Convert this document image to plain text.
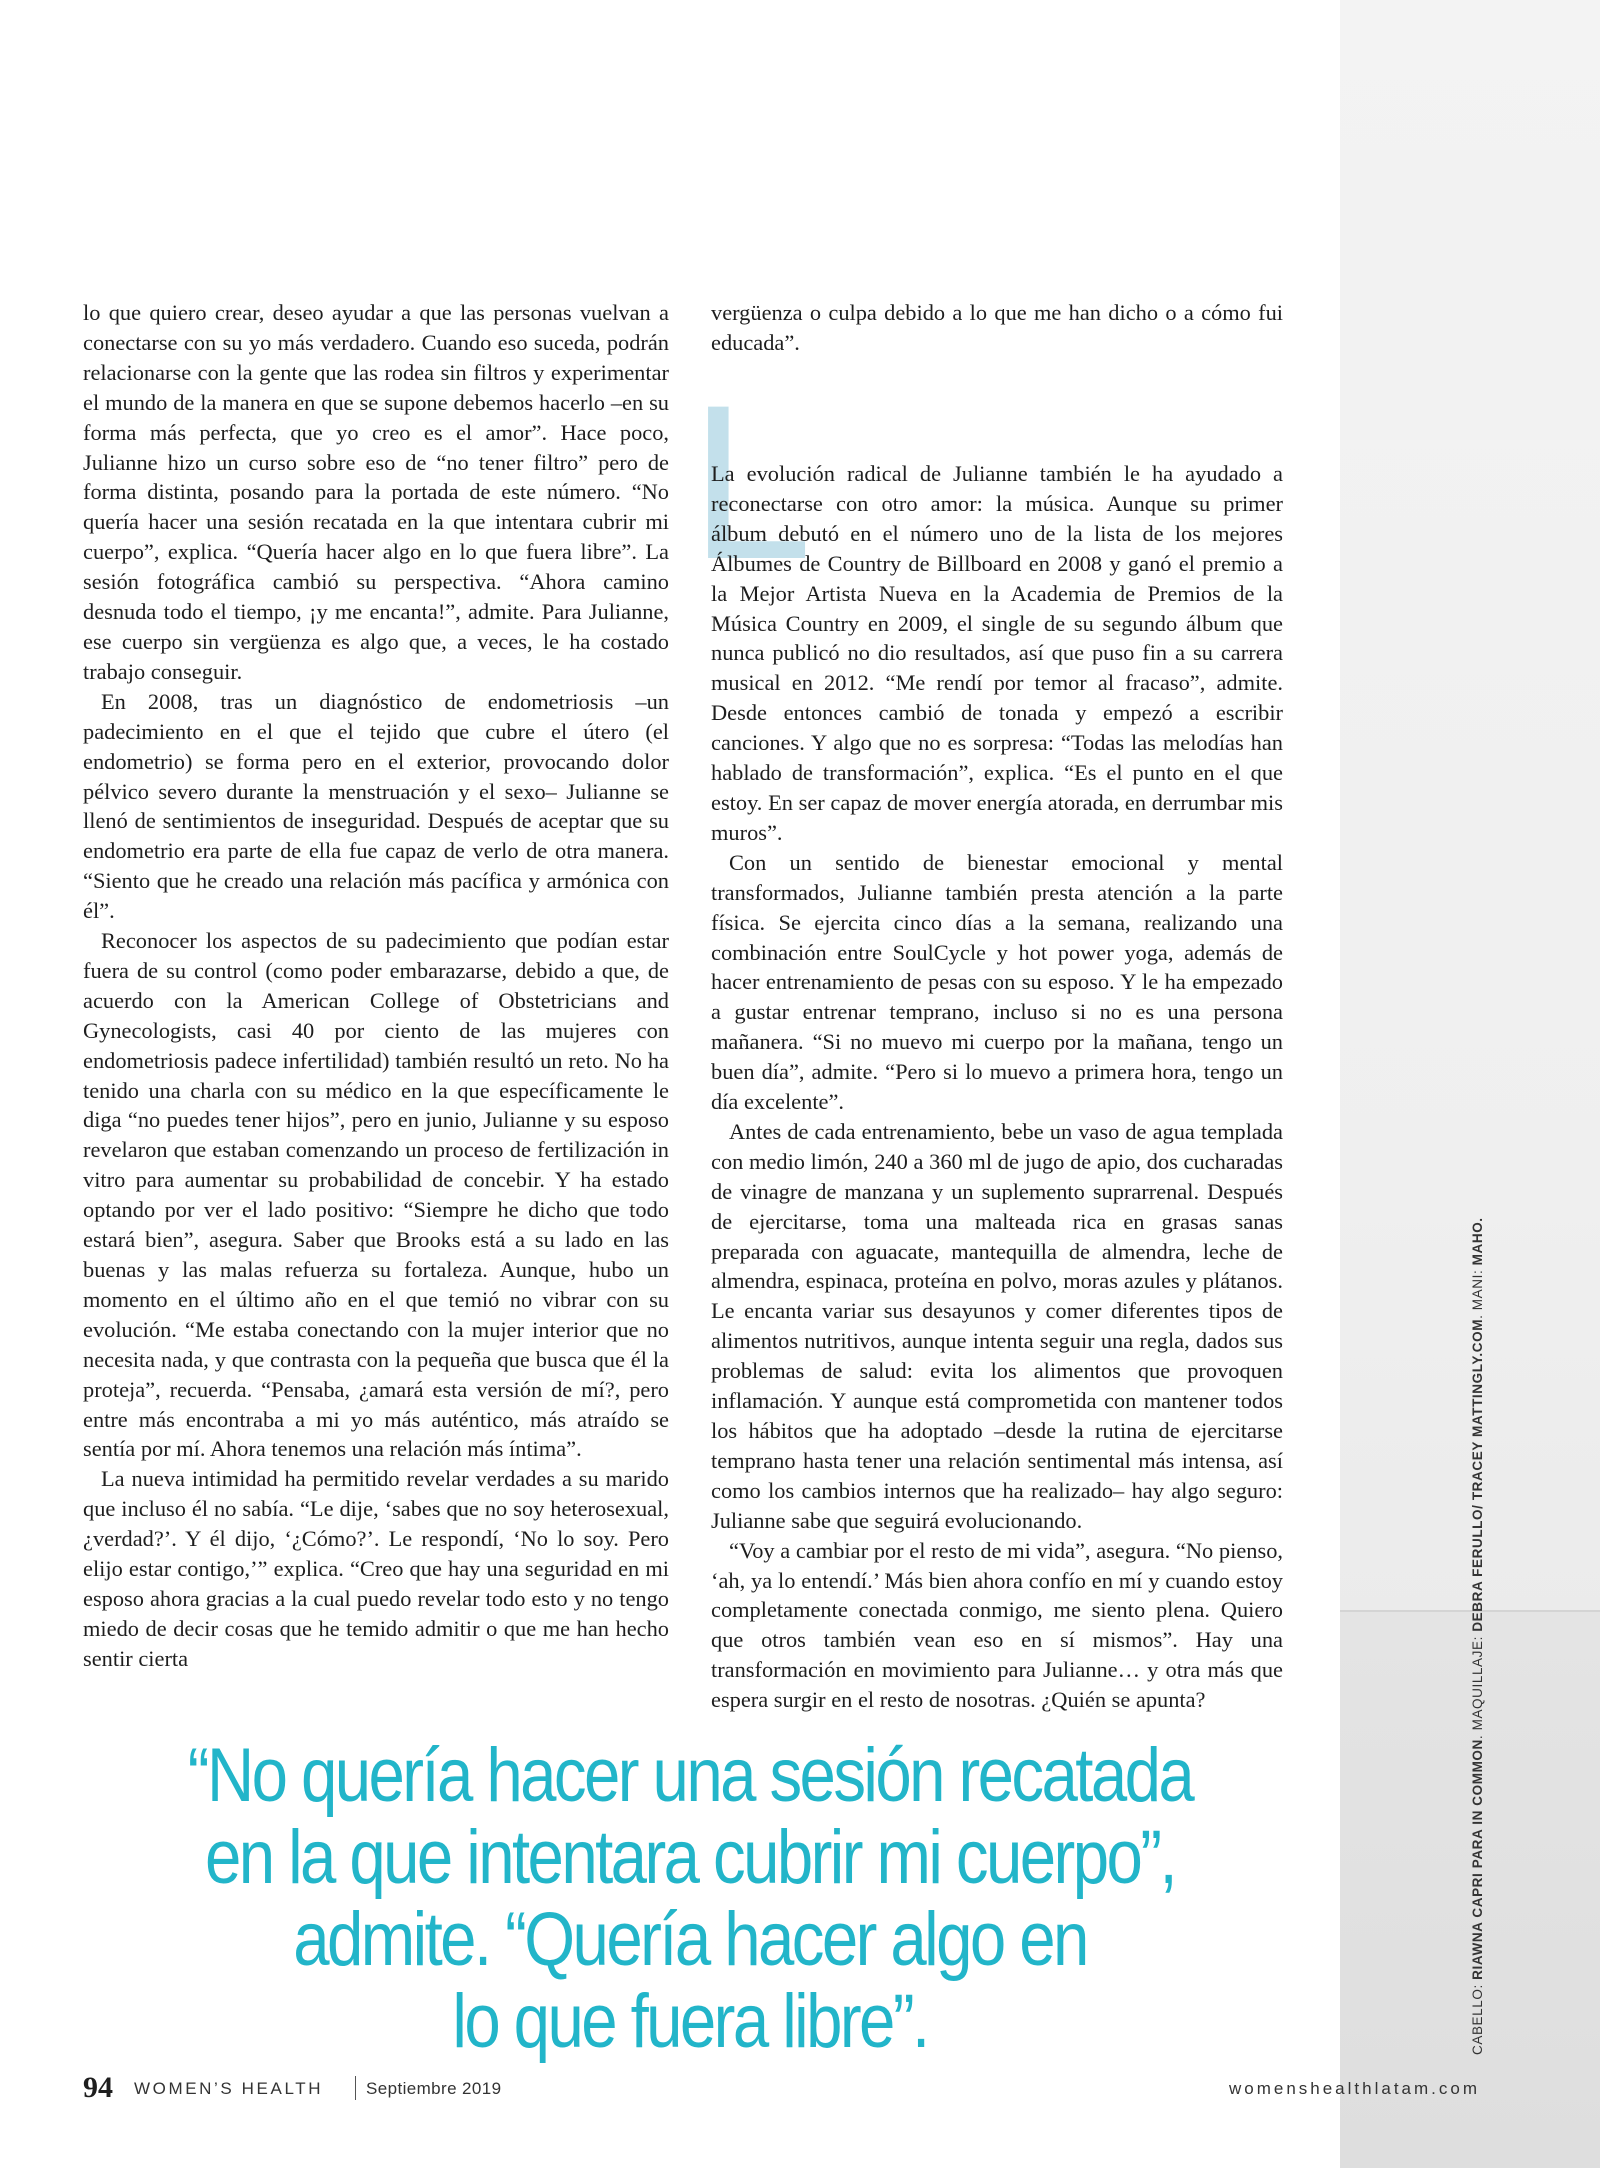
lo que quiero crear, deseo ayudar a que las personas vuelvan a conectarse con su yo más verdadero. Cuando eso suceda, podrán relacionarse con la gente que las rodea sin filtros y experimentar el mundo de la manera en que se supone debemos hacerlo –en su forma más perfecta, que yo creo es el amor”. Hace poco, Julianne hizo un curso sobre eso de “no tener filtro” pero de forma distinta, posando para la portada de este número. “No quería hacer una sesión recatada en la que intentara cubrir mi cuerpo”, explica. “Quería hacer algo en lo que fuera libre”. La sesión fotográfica cambió su perspectiva. “Ahora camino desnuda todo el tiempo, ¡y me encanta!”, admite. Para Julianne, ese cuerpo sin vergüenza es algo que, a veces, le ha costado trabajo conseguir.

En 2008, tras un diagnóstico de endometriosis –un padecimiento en el que el tejido que cubre el útero (el endometrio) se forma pero en el exterior, provocando dolor pélvico severo durante la menstruación y el sexo– Julianne se llenó de sentimientos de inseguridad. Después de aceptar que su endometrio era parte de ella fue capaz de verlo de otra manera. “Siento que he creado una relación más pacífica y armónica con él”.

Reconocer los aspectos de su padecimiento que podían estar fuera de su control (como poder embarazarse, debido a que, de acuerdo con la American College of Obstetricians and Gynecologists, casi 40 por ciento de las mujeres con endometriosis padece infertilidad) también resultó un reto. No ha tenido una charla con su médico en la que específicamente le diga “no puedes tener hijos”, pero en junio, Julianne y su esposo revelaron que estaban comenzando un proceso de fertilización in vitro para aumentar su probabilidad de concebir. Y ha estado optando por ver el lado positivo: “Siempre he dicho que todo estará bien”, asegura. Saber que Brooks está a su lado en las buenas y las malas refuerza su fortaleza. Aunque, hubo un momento en el último año en el que temió no vibrar con su evolución. “Me estaba conectando con la mujer interior que no necesita nada, y que contrasta con la pequeña que busca que él la proteja”, recuerda. “Pensaba, ¿amará esta versión de mí?, pero entre más encontraba a mi yo más auténtico, más atraído se sentía por mí. Ahora tenemos una relación más íntima”.

La nueva intimidad ha permitido revelar verdades a su marido que incluso él no sabía. “Le dije, ‘sabes que no soy heterosexual, ¿verdad?’. Y él dijo, ‘¿Cómo?’. Le respondí, ‘No lo soy. Pero elijo estar contigo,’” explica. “Creo que hay una seguridad en mi esposo ahora gracias a la cual puedo revelar todo esto y no tengo miedo de decir cosas que he temido admitir o que me han hecho sentir cierta

vergüenza o culpa debido a lo que me han dicho o a cómo fui educada”.

L

La evolución radical de Julianne también le ha ayudado a reconectarse con otro amor: la música. Aunque su primer álbum debutó en el número uno de la lista de los mejores Álbumes de Country de Billboard en 2008 y ganó el premio a la Mejor Artista Nueva en la Academia de Premios de la Música Country en 2009, el single de su segundo álbum que nunca publicó no dio resultados, así que puso fin a su carrera musical en 2012. “Me rendí por temor al fracaso”, admite. Desde entonces cambió de tonada y empezó a escribir canciones. Y algo que no es sorpresa: “Todas las melodías han hablado de transformación”, explica. “Es el punto en el que estoy. En ser capaz de mover energía atorada, en derrumbar mis muros”.

Con un sentido de bienestar emocional y mental transformados, Julianne también presta atención a la parte física. Se ejercita cinco días a la semana, realizando una combinación entre SoulCycle y hot power yoga, además de hacer entrenamiento de pesas con su esposo. Y le ha empezado a gustar entrenar temprano, incluso si no es una persona mañanera. “Si no muevo mi cuerpo por la mañana, tengo un buen día”, admite. “Pero si lo muevo a primera hora, tengo un día excelente”.

Antes de cada entrenamiento, bebe un vaso de agua templada con medio limón, 240 a 360 ml de jugo de apio, dos cucharadas de vinagre de manzana y un suplemento suprarrenal. Después de ejercitarse, toma una malteada rica en grasas sanas preparada con aguacate, mantequilla de almendra, leche de almendra, espinaca, proteína en polvo, moras azules y plátanos. Le encanta variar sus desayunos y comer diferentes tipos de alimentos nutritivos, aunque intenta seguir una regla, dados sus problemas de salud: evita los alimentos que provoquen inflamación. Y aunque está comprometida con mantener todos los hábitos que ha adoptado –desde la rutina de ejercitarse temprano hasta tener una relación sentimental más intensa, así como los cambios internos que ha realizado– hay algo seguro: Julianne sabe que seguirá evolucionando.

“Voy a cambiar por el resto de mi vida”, asegura. “No pienso, ‘ah, ya lo entendí.’ Más bien ahora confío en mí y cuando estoy completamente conectada conmigo, me siento plena. Quiero que otros también vean eso en sí mismos”. Hay una transformación en movimiento para Julianne… y otra más que espera surgir en el resto de nosotras. ¿Quién se apunta?

“No quería hacer una sesión recatada
en la que intentara cubrir mi cuerpo”,
admite. “Quería hacer algo en
lo que fuera libre”.	CABELLO: RIAWNA CAPRI PARA IN COMMON. MAQUILLAJE: DEBRA FERULLO/ TRACEY MATTINGLY.COM. MANI: MAHO.
94 WOMEN’S HEALTH	Septiembre 2019	womenshealthlatam.com
